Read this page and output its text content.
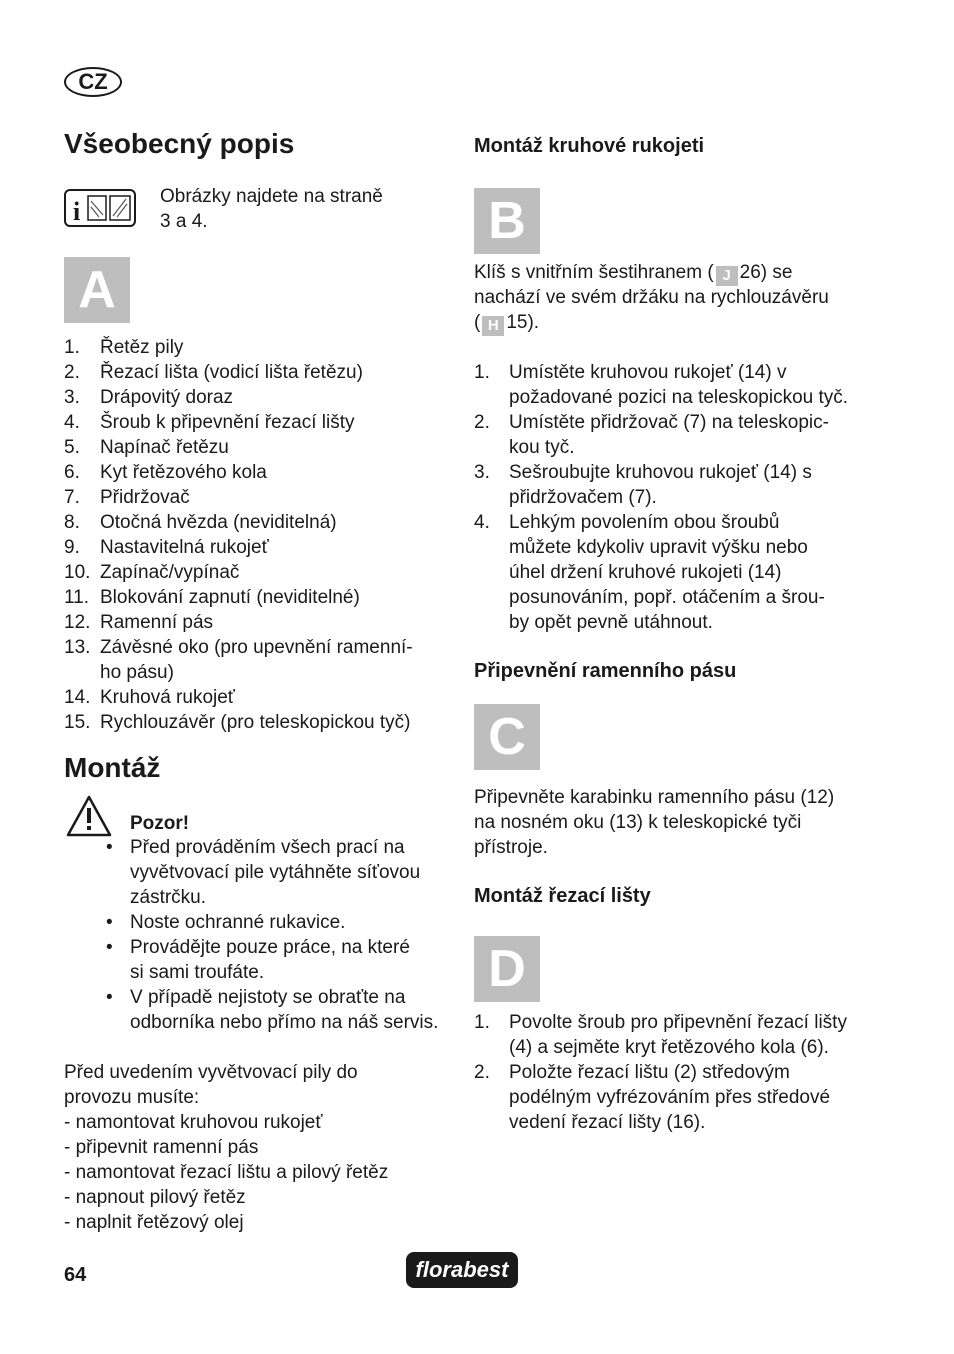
CZ
Všeobecný popis
i
Obrázky najdete na straně
3 a 4.
A
1. Řetěz pily
2. Řezací lišta (vodicí lišta řetězu)
3. Drápovitý doraz
4. Šroub k připevnění řezací lišty
5. Napínač řetězu
6. Kyt řetězového kola
7. Přidržovač
8. Otočná hvězda (neviditelná)
9. Nastavitelná rukojeť
10. Zapínač/vypínač
11. Blokování zapnutí (neviditelné)
12. Ramenní pás
13. Závěsné oko (pro upevnění ramenní-
ho pásu)
14. Kruhová rukojeť
15. Rychlouzávěr (pro teleskopickou tyč)
Montáž
Pozor!
• Před prováděním všech prací na
vyvětvovací pile vytáhněte síťovou
zástrčku.
• Noste ochranné rukavice.
• Provádějte pouze práce, na které
si sami troufáte.
• V případě nejistoty se obraťte na
odborníka nebo přímo na náš servis.
Před uvedením vyvětvovací pily do
provozu musíte:
- namontovat kruhovou rukojeť
- připevnit ramenní pás
- namontovat řezací lištu a pilový řetěz
- napnout pilový řetěz
- naplnit řetězový olej
Montáž kruhové rukojeti
B
Klíš s vnitřním šestihranem ( J 26) se
nachází ve svém držáku na rychlouzávěru
( H 15).
1. Umístěte kruhovou rukojeť (14) v
požadované pozici na teleskopickou tyč.
2. Umístěte přidržovač (7) na teleskopic-
kou tyč.
3. Sešroubujte kruhovou rukojeť (14) s
přidržovačem (7).
4. Lehkým povolením obou šroubů
můžete kdykoliv upravit výšku nebo
úhel držení kruhové rukojeti (14)
posunováním, popř. otáčením a šrou-
by opět pevně utáhnout.
Připevnění ramenního pásu
C
Připevněte karabinku ramenního pásu (12)
na nosném oku (13) k teleskopické tyči
přístroje.
Montáž řezací lišty
D
1. Povolte šroub pro připevnění řezací lišty
(4) a sejměte kryt řetězového kola (6).
2. Položte řezací lištu (2) středovým
podélným vyfrézováním přes středové
vedení řezací lišty (16).
64	florabest
